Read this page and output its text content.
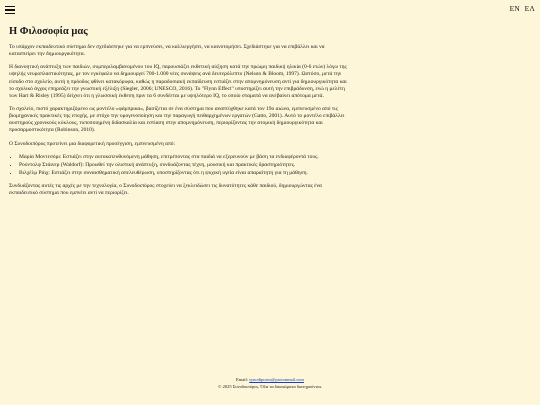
EN ΕΛ
Η Φιλοσοφία μας

Το υπάρχον εκπαιδευτικό σύστημα δεν σχεδιάστηκε για να εμπνεύσει, να καλλιεργήσει, να καινοτομήσει. Σχεδιάστηκε για να επιβάλλει και να κατασπείρει την δημιουργικότητα.

Η διανοητική ανάπτυξη των παιδιών, συμπεριλαμβανομένου του IQ, παρουσιάζει εκθετική αύξηση κατά την πρώιμη παιδική ηλικία (0-6 ετών) λόγω της υψηλής νευροπλαστικότητας, με τον εγκέφαλο να δημιουργεί 700-1.000 νέες συνάψεις ανά δευτερόλεπτο (Nelson & Bloom, 1997). Ωστόσο, μετά την είσοδο στο σχολείο, αυτή η πρόοδος φθίνει κατακόρυφα, καθώς η παραδοσιακή εκπαίδευση εστιάζει στην απομνημόνευση αντί για δημιουργικότητα και το σχολικό άγχος επηρεάζει την γνωστική εξέλιξη (Siegler, 2006; UNESCO, 2016). Το "Flynn Effect" υποστηρίζει αυτή την επιβράδυνση, ενώ η μελέτη των Hart & Risley (1995) δείχνει ότι η γλωσσική έκθεση πριν τα 6 συνδέεται με υψηλότερο IQ, το οποίο σταματά να ανεβαίνει απότομα μετά.

Το σχολείο, πιστό χαρακτηριζόμενο ως μοντέλο «φάμπρικα», βασίζεται σε ένα σύστημα που αναπτύχθηκε κατά τον 19ο αιώνα, εμπνευσμένο από τις βιομηχανικές πρακτικές της εποχής, με στόχο την ομογενοποίηση και την παραγωγή πειθαρχημένων εργατών (Gatto, 2001). Αυτό το μοντέλο επιβάλλει αυστηρούς χρονικούς κύκλους, τυποποιημένη διδασκαλία και εστίαση στην απομνημόνευση, περιορίζοντας την ατομική δημιουργικότητα και προσαρμοστικότητα (Robinson, 2010).

Ο Συνοδοιπόρος προτείνει μια διαφορετική προσέγγιση, εμπνευσμένη από:

• Μαρία Μοντεσόρι: Εστιάζει στην αυτοκατευθυνόμενη μάθηση, επιτρέποντας στα παιδιά να εξερευνούν με βάση τα ενδιαφέροντά τους.
• Ρούντολφ Στάινερ (Waldorf): Προωθεί την ολιστική ανάπτυξη, συνδυάζοντας τέχνη, μουσική και πρακτικές δραστηριότητες.
• Βιλχέλμ Ράιχ: Εστιάζει στην συναισθηματική απελευθέρωση, υποστηρίζοντας ότι η ψυχική υγεία είναι απαραίτητη για τη μάθηση.

Συνδυάζοντας αυτές τις αρχές με την τεχνολογία, ο Συνοδοιπόρος στοχεύει να ξεκλειδώσει τις δυνατότητες κάθε παιδιού, δημιουργώντας ένα εκπαιδευτικό σύστημα που εμπνέει αντί να περιορίζει.

Email: synodiporos@protonmail.com
© 2025 Συνοδοιπόρος. Όλα τα δικαιώματα διατηρούνται.
